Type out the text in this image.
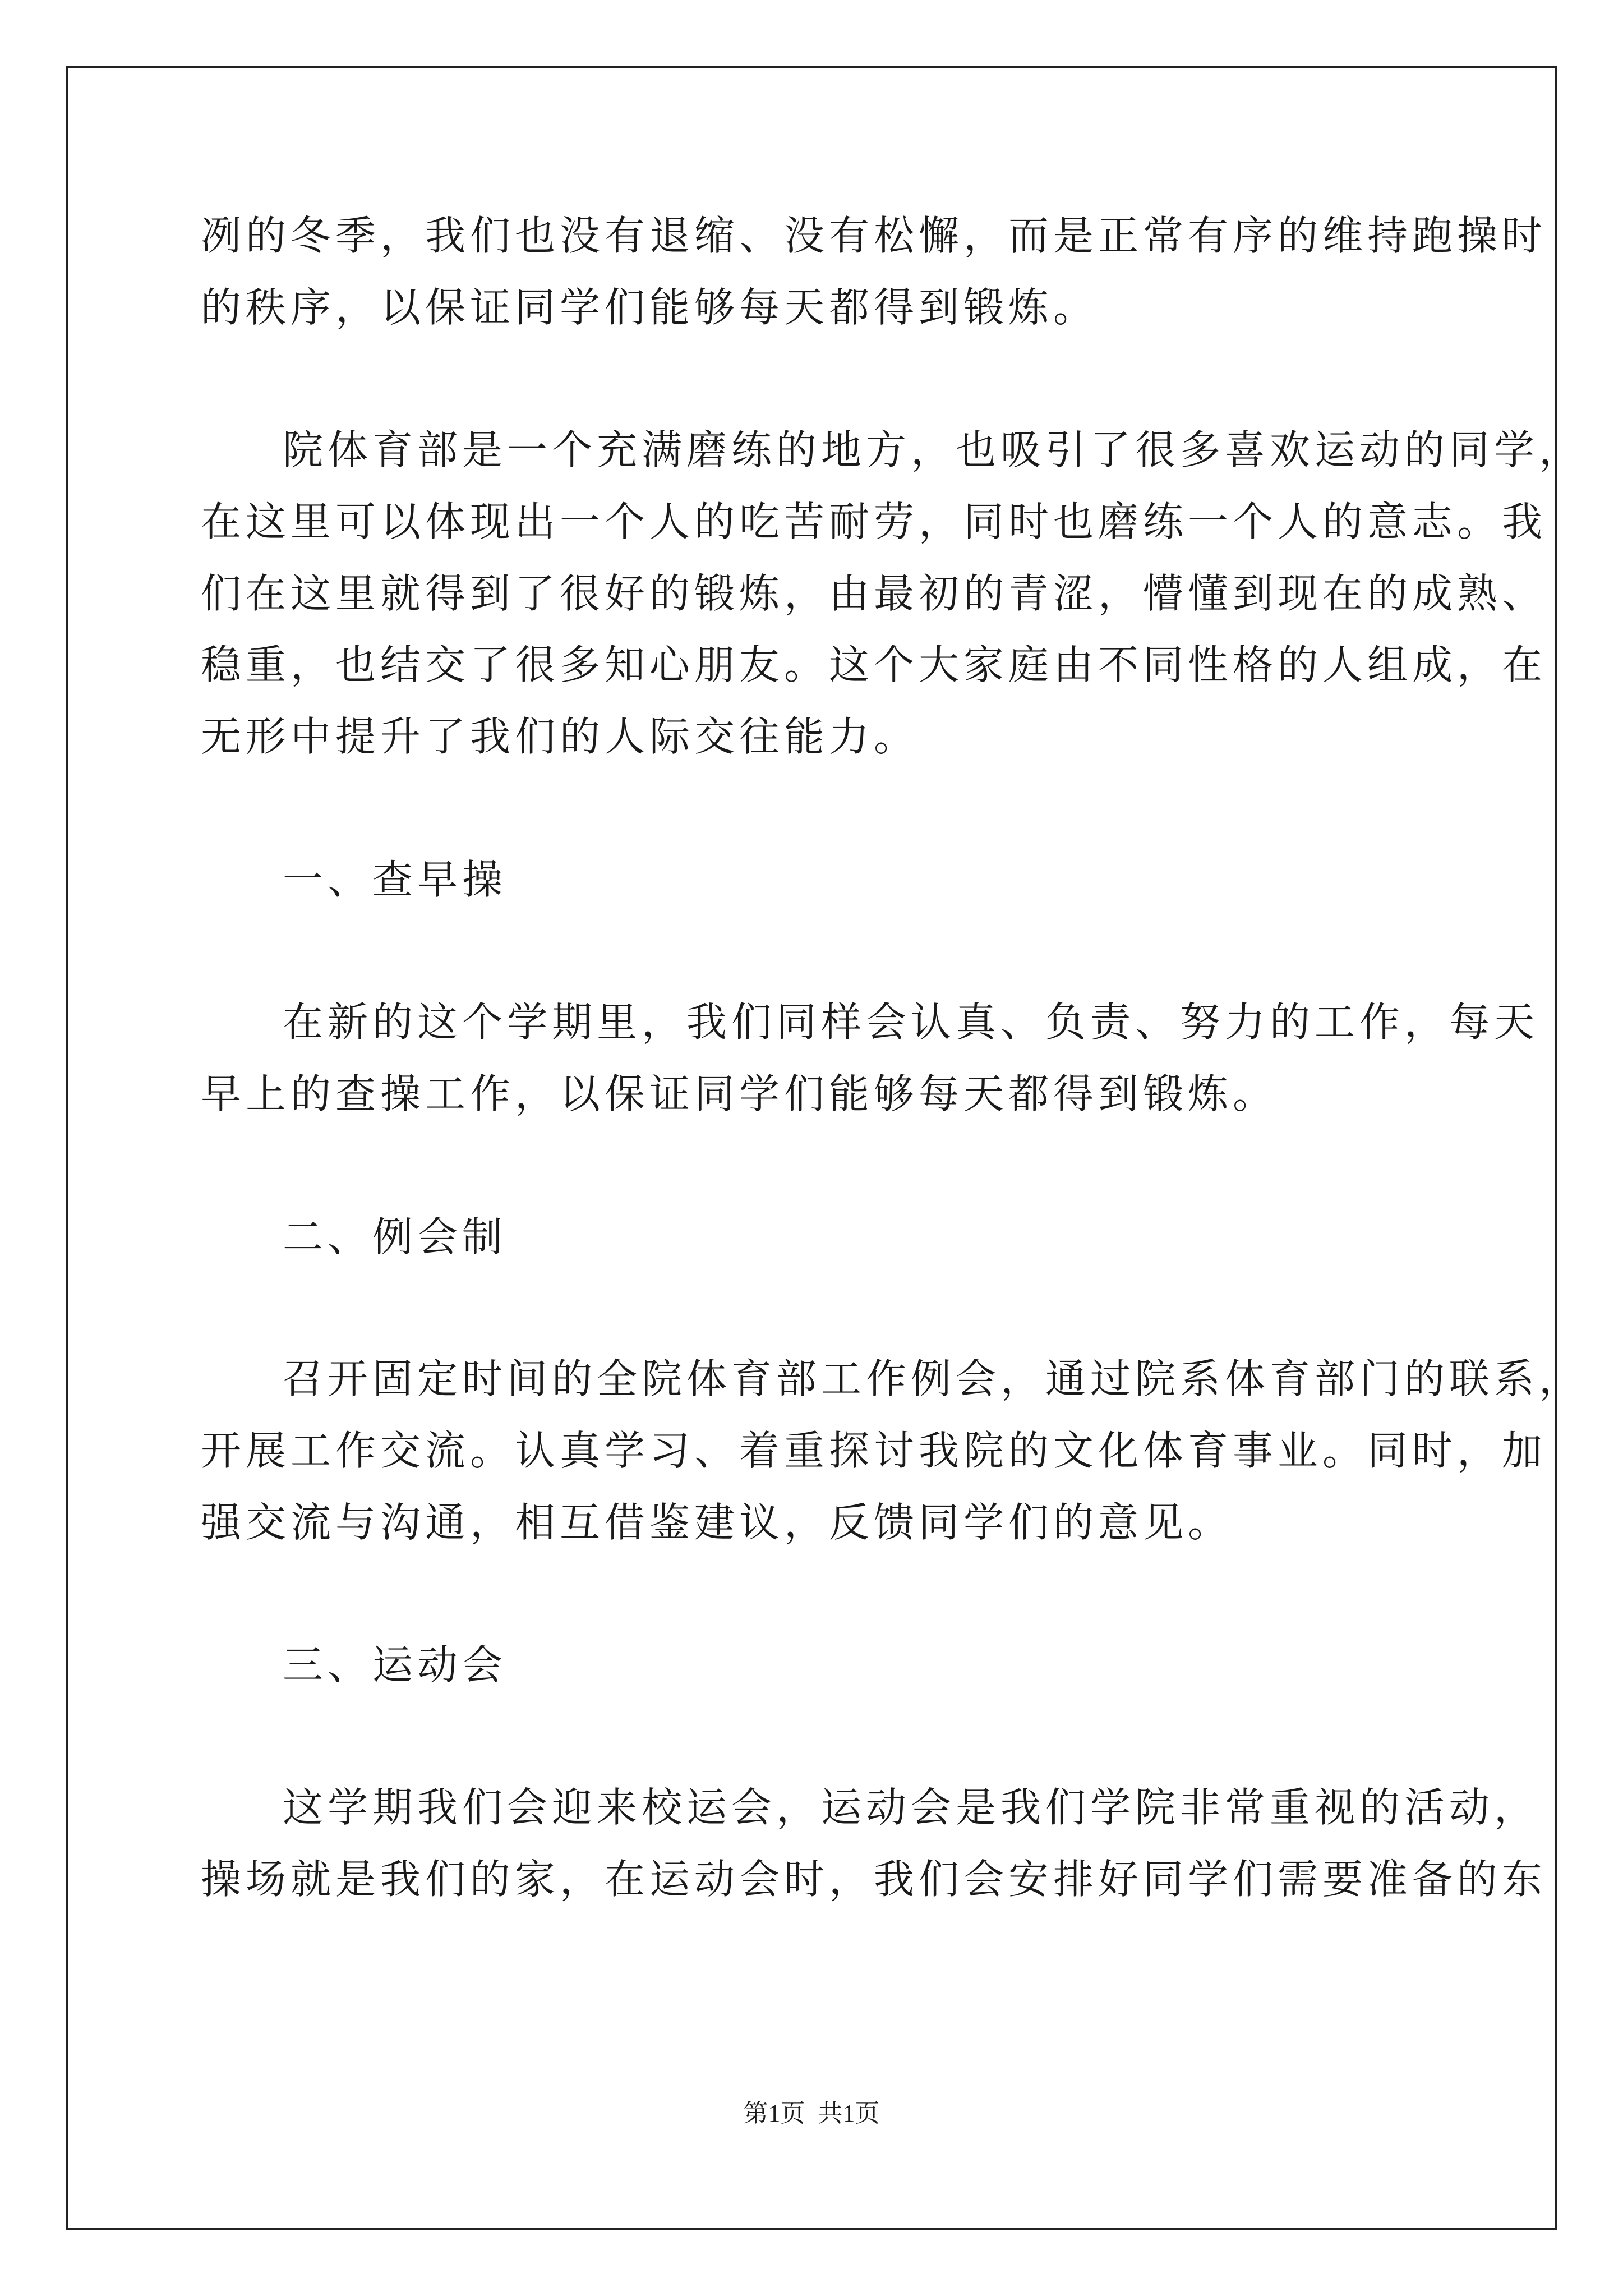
冽的冬季，我们也没有退缩、没有松懈，而是正常有序的维持跑操时
的秩序，以保证同学们能够每天都得到锻炼。
院体育部是一个充满磨练的地方，也吸引了很多喜欢运动的同学，
在这里可以体现出一个人的吃苦耐劳，同时也磨练一个人的意志。我
们在这里就得到了很好的锻炼，由最初的青涩，懵懂到现在的成熟、
稳重，也结交了很多知心朋友。这个大家庭由不同性格的人组成，在
无形中提升了我们的人际交往能力。
一、查早操
在新的这个学期里，我们同样会认真、负责、努力的工作，每天
早上的查操工作，以保证同学们能够每天都得到锻炼。
二、例会制
召开固定时间的全院体育部工作例会，通过院系体育部门的联系，
开展工作交流。认真学习、着重探讨我院的文化体育事业。同时，加
强交流与沟通，相互借鉴建议，反馈同学们的意见。
三、运动会
这学期我们会迎来校运会，运动会是我们学院非常重视的活动，
操场就是我们的家，在运动会时，我们会安排好同学们需要准备的东
第1页 共1页
